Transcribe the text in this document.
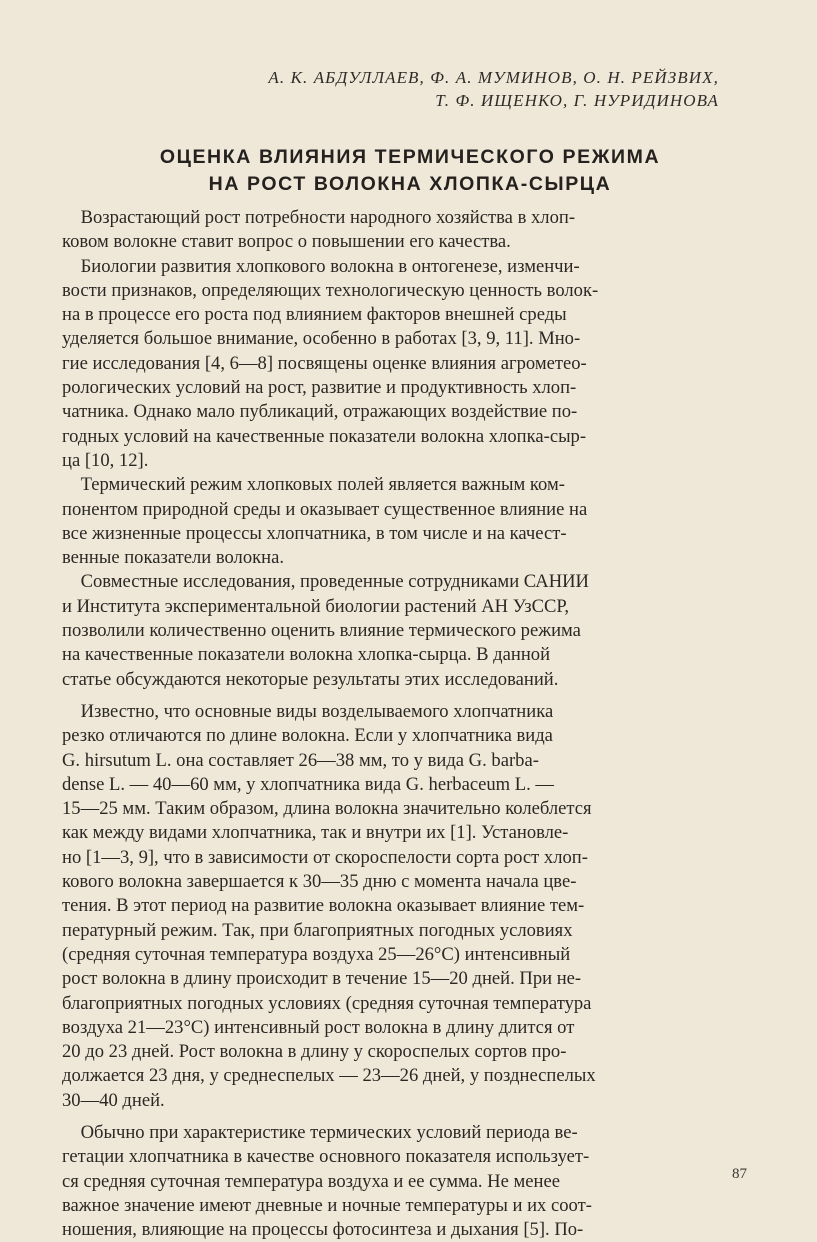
А. К. АБДУЛЛАЕВ, Ф. А. МУМИНОВ, О. Н. РЕЙЗВИХ,
Т. Ф. ИЩЕНКО, Г. НУРИДИНОВА
ОЦЕНКА ВЛИЯНИЯ ТЕРМИЧЕСКОГО РЕЖИМА
НА РОСТ ВОЛОКНА ХЛОПКА-СЫРЦА
Возрастающий рост потребности народного хозяйства в хлоп-
ковом волокне ставит вопрос о повышении его качества.
Биологии развития хлопкового волокна в онтогенезе, изменчи-
вости признаков, определяющих технологическую ценность волок-
на в процессе его роста под влиянием факторов внешней среды
уделяется большое внимание, особенно в работах [3, 9, 11]. Мно-
гие исследования [4, 6—8] посвящены оценке влияния агрометео-
рологических условий на рост, развитие и продуктивность хлоп-
чатника. Однако мало публикаций, отражающих воздействие по-
годных условий на качественные показатели волокна хлопка-сыр-
ца [10, 12].
Термический режим хлопковых полей является важным ком-
понентом природной среды и оказывает существенное влияние на
все жизненные процессы хлопчатника, в том числе и на качест-
венные показатели волокна.
Совместные исследования, проведенные сотрудниками САНИИ
и Института экспериментальной биологии растений АН УзССР,
позволили количественно оценить влияние термического режима
на качественные показатели волокна хлопка-сырца. В данной
статье обсуждаются некоторые результаты этих исследований.
Известно, что основные виды возделываемого хлопчатника
резко отличаются по длине волокна. Если у хлопчатника вида
G. hirsutum L. она составляет 26—38 мм, то у вида G. barba-
dense L. — 40—60 мм, у хлопчатника вида G. herbaceum L. —
15—25 мм. Таким образом, длина волокна значительно колеблется
как между видами хлопчатника, так и внутри их [1]. Установле-
но [1—3, 9], что в зависимости от скороспелости сорта рост хлоп-
кового волокна завершается к 30—35 дню с момента начала цве-
тения. В этот период на развитие волокна оказывает влияние тем-
пературный режим. Так, при благоприятных погодных условиях
(средняя суточная температура воздуха 25—26°С) интенсивный
рост волокна в длину происходит в течение 15—20 дней. При не-
благоприятных погодных условиях (средняя суточная температура
воздуха 21—23°С) интенсивный рост волокна в длину длится от
20 до 23 дней. Рост волокна в длину у скороспелых сортов про-
должается 23 дня, у среднеспелых — 23—26 дней, у позднеспелых
30—40 дней.
Обычно при характеристике термических условий периода ве-
гетации хлопчатника в качестве основного показателя использует-
ся средняя суточная температура воздуха и ее сумма. Не менее
важное значение имеют дневные и ночные температуры и их соот-
ношения, влияющие на процессы фотосинтеза и дыхания [5]. По-
87
